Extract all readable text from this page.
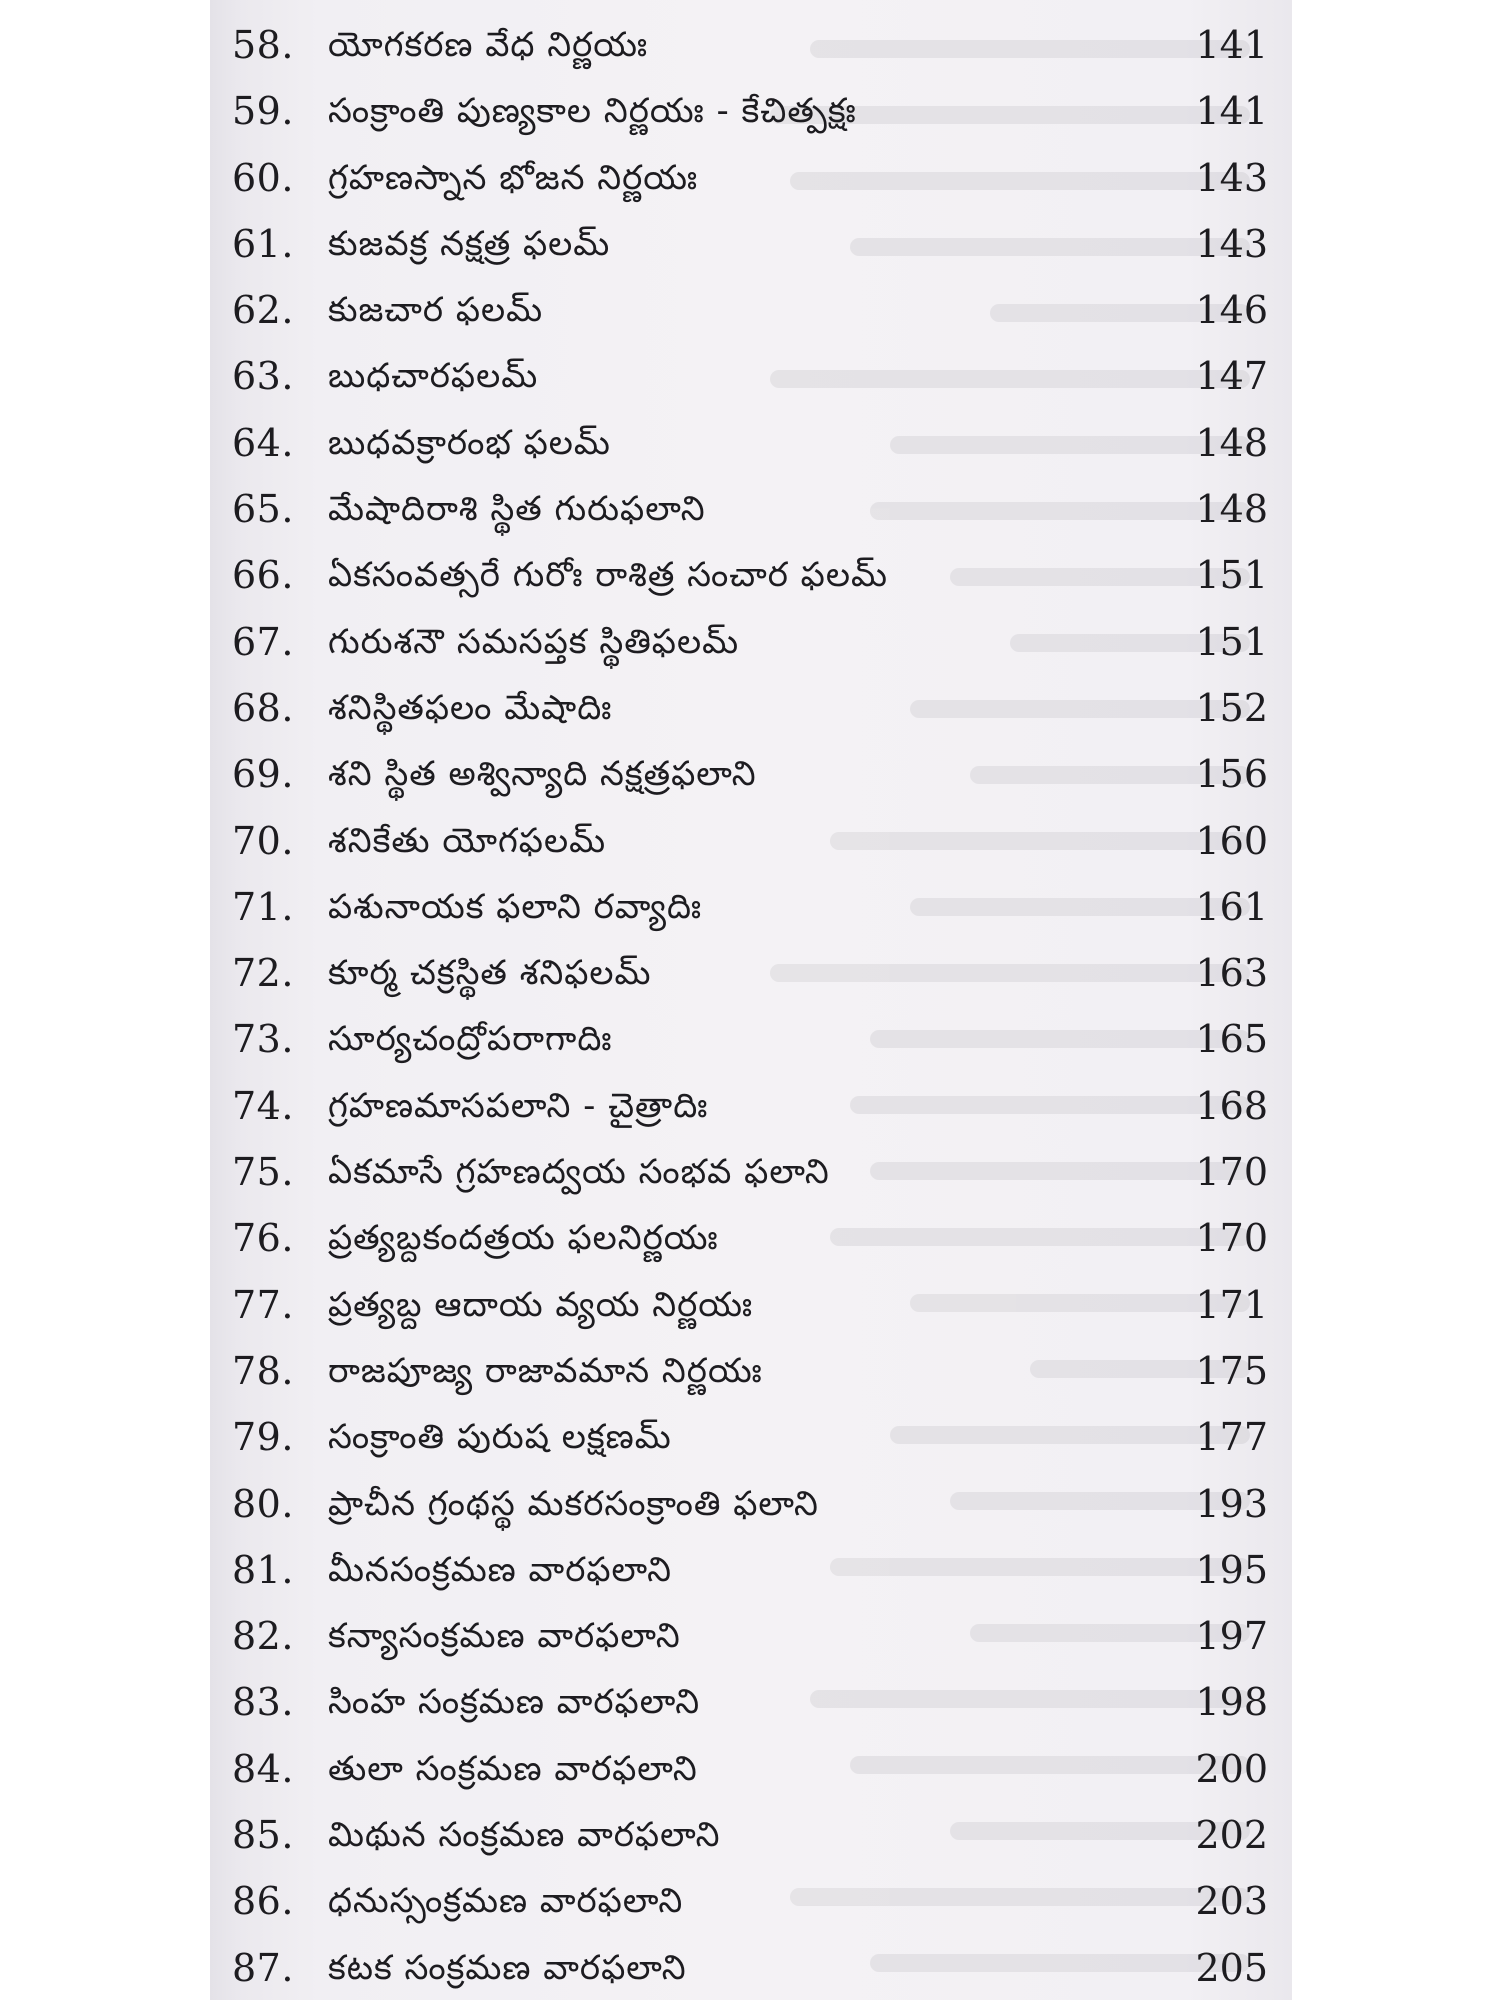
58. యోగకరణ వేధ నిర్ణయః	141
59. సంక్రాంతి పుణ్యకాల నిర్ణయః - కేచిత్పక్షః	141
60. గ్రహణస్నాన భోజన నిర్ణయః	143
61. కుజవక్ర నక్షత్ర ఫలమ్	143
62. కుజచార ఫలమ్	146
63. బుధచారఫలమ్	147
64. బుధవక్రారంభ ఫలమ్	148
65. మేషాదిరాశి స్థిత గురుఫలాని	148
66. ఏకసంవత్సరే గురోః రాశిత్ర సంచార ఫలమ్	151
67. గురుశనౌ సమసప్తక స్థితిఫలమ్	151
68. శనిస్థితఫలం మేషాదిః	152
69. శని స్థిత అశ్విన్యాది నక్షత్రఫలాని	156
70. శనికేతు యోగఫలమ్	160
71. పశునాయక ఫలాని రవ్యాదిః	161
72. కూర్మ చక్రస్థిత శనిఫలమ్	163
73. సూర్యచంద్రోపరాగాదిః	165
74. గ్రహణమాసపలాని - చైత్రాదిః	168
75. ఏకమాసే గ్రహణద్వయ సంభవ ఫలాని	170
76. ప్రత్యబ్దకందత్రయ ఫలనిర్ణయః	170
77. ప్రత్యబ్ద ఆదాయ వ్యయ నిర్ణయః	171
78. రాజపూజ్య రాజావమాన నిర్ణయః	175
79. సంక్రాంతి పురుష లక్షణమ్	177
80. ప్రాచీన గ్రంథస్థ మకరసంక్రాంతి ఫలాని	193
81. మీనసంక్రమణ వారఫలాని	195
82. కన్యాసంక్రమణ వారఫలాని	197
83. సింహ సంక్రమణ వారఫలాని	198
84. తులా సంక్రమణ వారఫలాని	200
85. మిథున సంక్రమణ వారఫలాని	202
86. ధనుస్సంక్రమణ వారఫలాని	203
87. కటక సంక్రమణ వారఫలాని	205
